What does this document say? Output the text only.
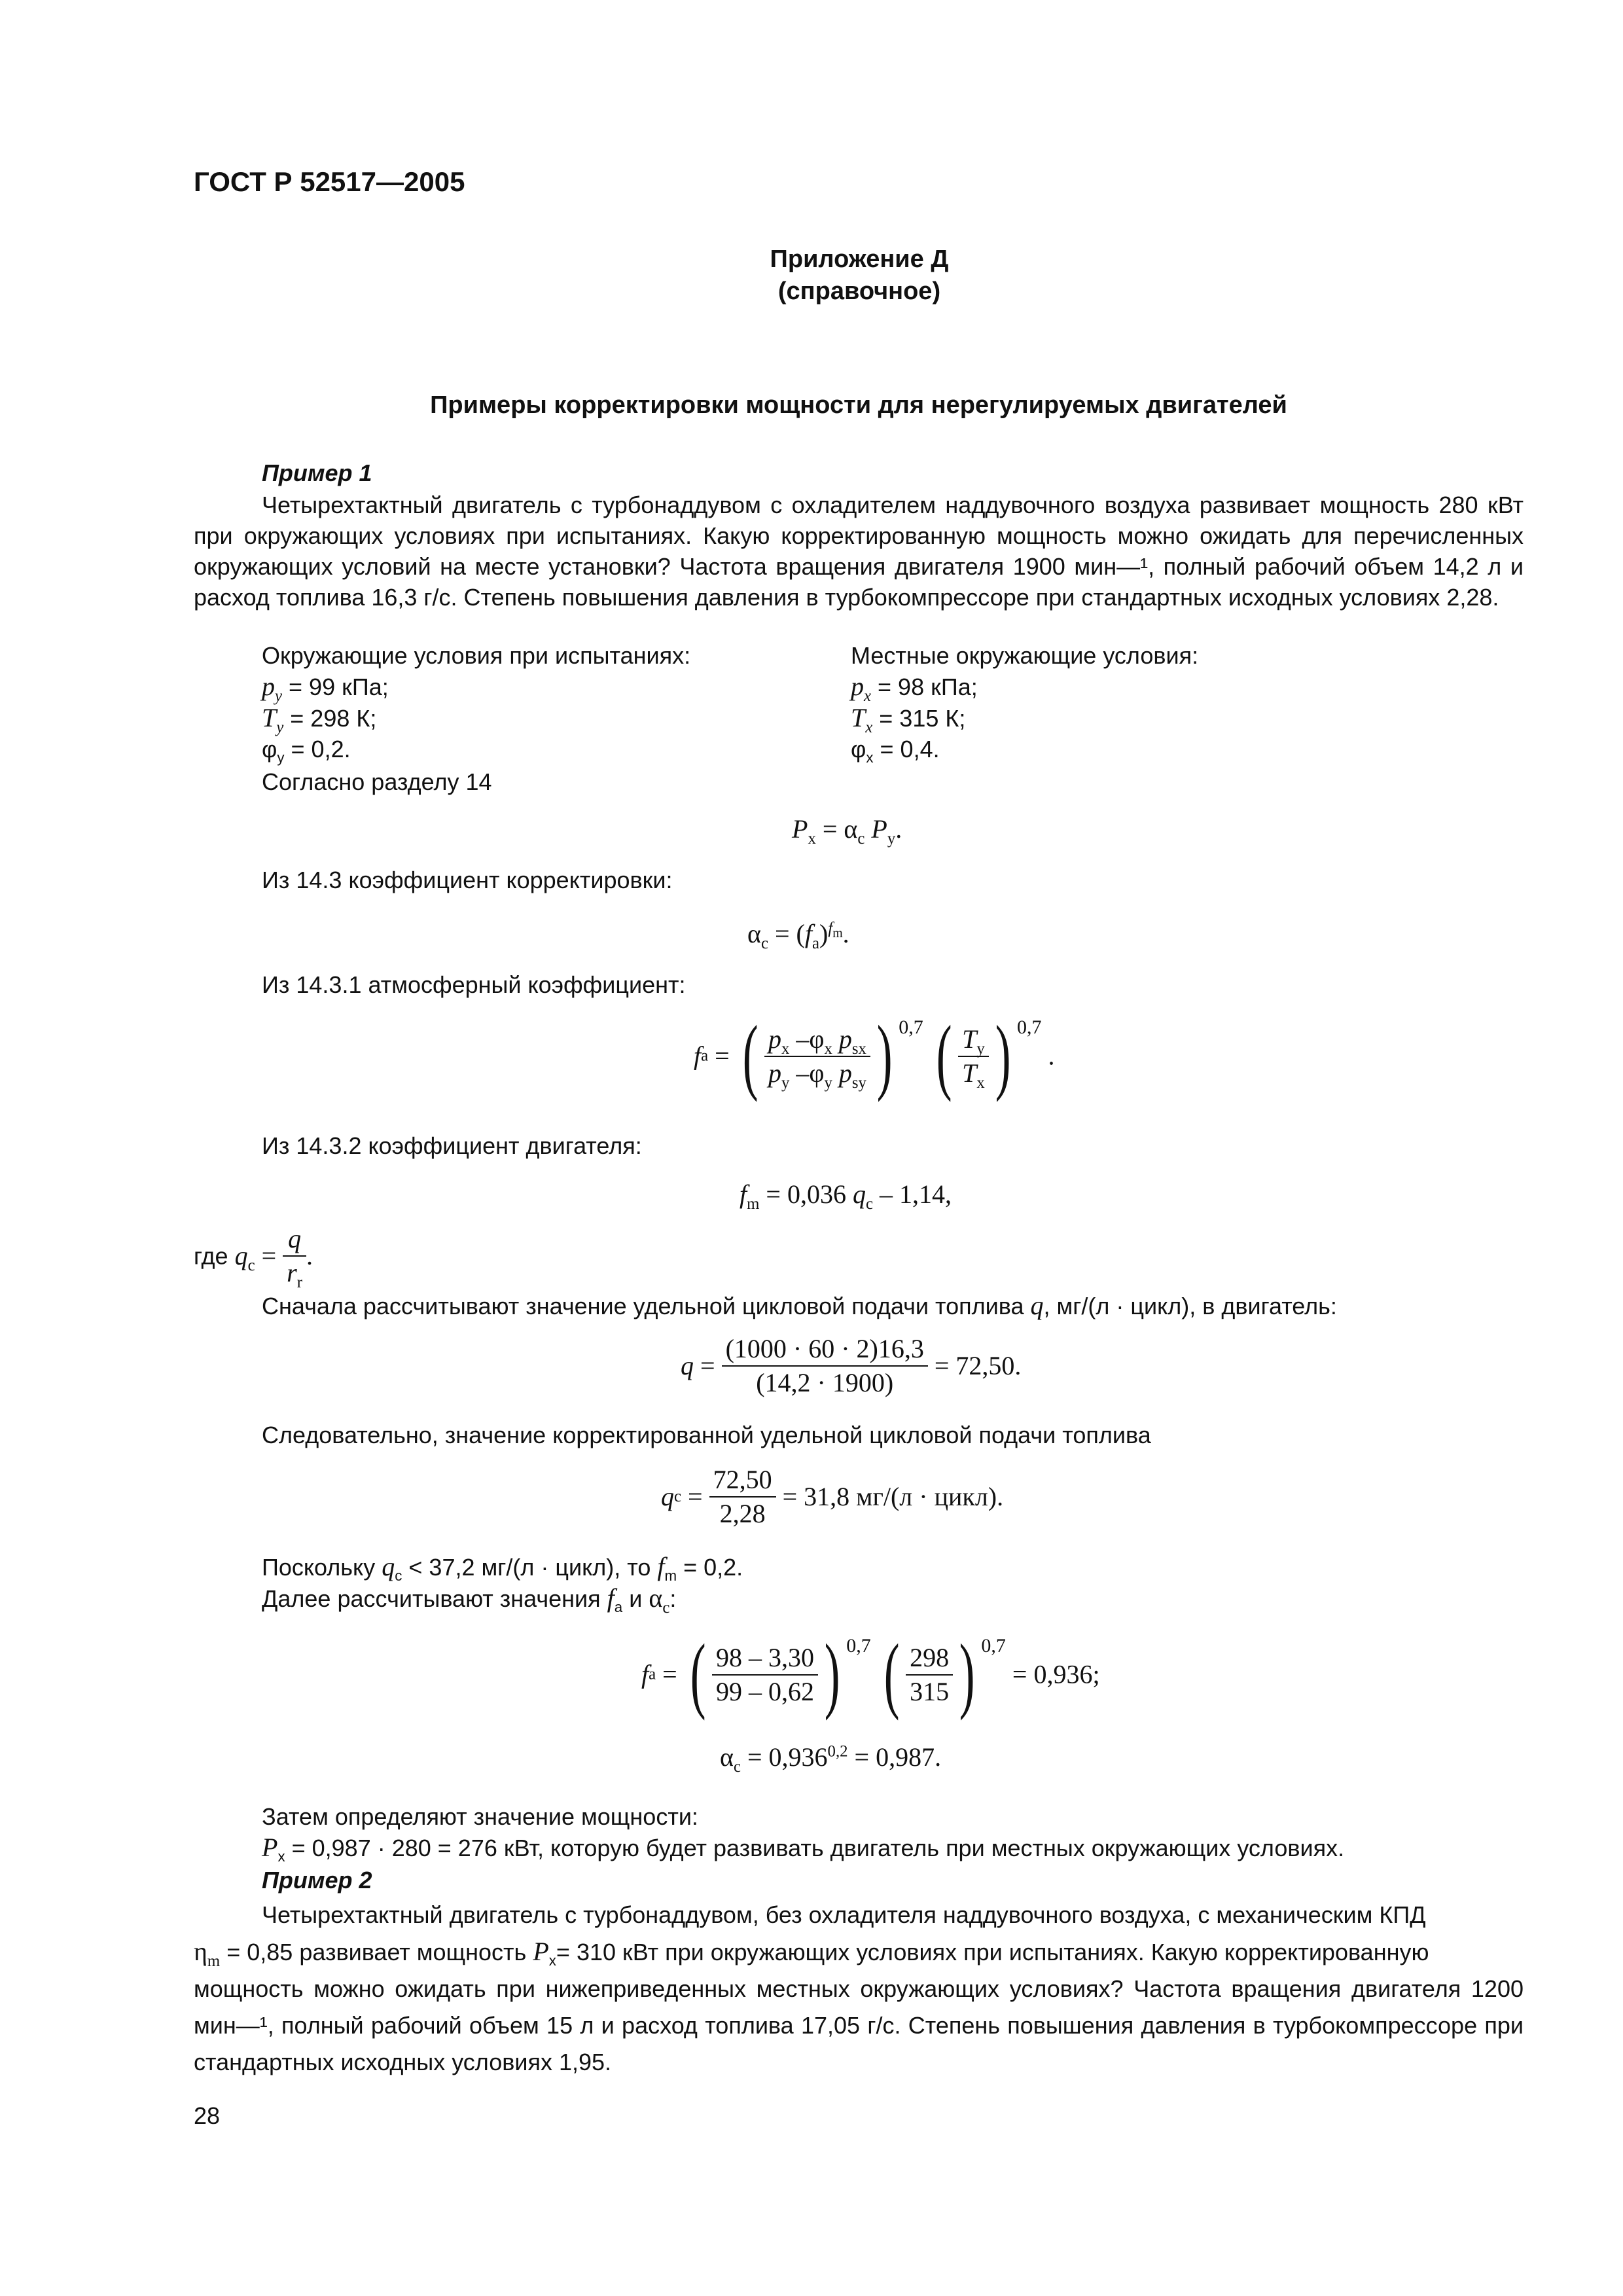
ГОСТ Р 52517—2005
Приложение Д
(справочное)
Примеры корректировки мощности для нерегулируемых двигателей
Пример 1
Четырехтактный двигатель с турбонаддувом с охладителем наддувочного воздуха развивает мощность 280 кВт при окружающих условиях при испытаниях. Какую корректированную мощность можно ожидать для перечисленных окружающих условий на месте установки? Частота вращения двигателя 1900 мин—¹, полный рабочий объем 14,2 л и расход топлива 16,3 г/с. Степень повышения давления в турбокомпрессоре при стандартных исходных условиях 2,28.
Окружающие условия при испытаниях:
$p_y = 99$ кПа;
$T_y = 298$ К;
$\varphi_y = 0,2$.
Местные окружающие условия:
$p_x = 98$ кПа;
$T_x = 315$ К;
$\varphi_x = 0,4$.
Согласно разделу 14
$P_x = \alpha_c$ $P_y$.
Из 14.3 коэффициент корректировки:
$\alpha_c = (f_a)^{f_m}$.
Из 14.3.1 атмосферный коэффициент:
fa = ( $\frac{p_x -\varphi_x p_{sx}}{p_y -\varphi_y p_{sy}}$ ) 0,7 ( $\frac{T_y}{T_x}$ ) 0,7 .
Из 14.3.2 коэффициент двигателя:
$f_m = 0,036$ $q_c - 1,14$,
где $q_c = \frac{q}{r_r}$ .
Сначала рассчитывают значение удельной цикловой подачи топлива q, мг/(л · цикл), в двигатель:
$q = \frac{(1000 \cdot 60 \cdot 2)16,3}{(14,2 \cdot 1900)} = 72,50$.
Следовательно, значение корректированной удельной цикловой подачи топлива
qc = $\frac{72,50}{2,28} = 31,8$ мг/(л · цикл).
Поскольку $q_c < 37,2$ мг/(л · цикл), то $f_m = 0,2$.
Далее рассчитывают значения $f_a$ и $\alpha_c$:
fa = ( $\frac{98 - 3,30}{99 - 0,62}$ ) 0,7 ( $\frac{298}{315}$ ) 0,7 = 0,936;
$\alpha_c = 0,936^{0,2} = 0,987$.
Затем определяют значение мощности:
$P_x = 0,987 \cdot 280 = 276$ кВт, которую будет развивать двигатель при местных окружающих условиях.
Пример 2
Четырехтактный двигатель с турбонаддувом, без охладителя наддувочного воздуха, с механическим КПД
$\eta_m = 0,85$ развивает мощность $P_x= 310$ кВт при окружающих условиях при испытаниях. Какую корректированную
мощность можно ожидать при нижеприведенных местных окружающих условиях? Частота вращения двигателя 1200 мин—¹, полный рабочий объем 15 л и расход топлива 17,05 г/с. Степень повышения давления в турбокомпрессоре при стандартных исходных условиях 1,95.
28
